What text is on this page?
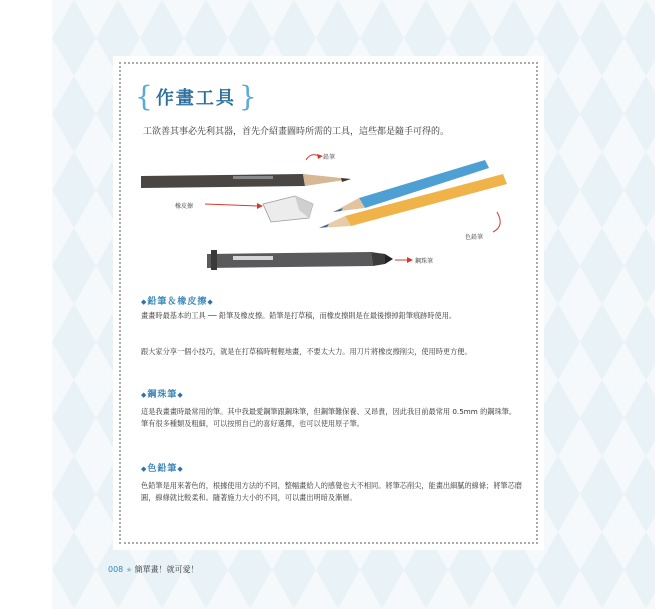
{ 作畫工具 }
工欲善其事必先利其器，首先介紹畫圖時所需的工具，這些都是隨手可得的。
鉛筆
橡皮擦
色鉛筆
鋼珠筆
◆鉛筆＆橡皮擦◆
畫畫時最基本的工具 ── 鉛筆及橡皮擦。鉛筆是打草稿，而橡皮擦則是在最後擦掉鉛筆痕跡時使用。
跟大家分享一個小技巧，就是在打草稿時輕輕地畫，不要太大力。用刀片將橡皮擦削尖，使用時更方便。
◆鋼珠筆◆
這是我畫畫時最常用的筆。其中我最愛鋼筆跟鋼珠筆，但鋼筆難保養、又昂貴，因此我目前最常用 0.5mm 的鋼珠筆。筆有很多種類及粗細，可以按照自己的喜好選擇，也可以使用原子筆。
◆色鉛筆◆
色鉛筆是用來著色的，根據使用方法的不同，整幅畫給人的感覺也大不相同。將筆芯削尖，能畫出細膩的線條；將筆芯磨圓，線條就比較柔和。隨著施力大小的不同，可以畫出明暗及漸層。
008 ★ 簡單畫！就可愛！
